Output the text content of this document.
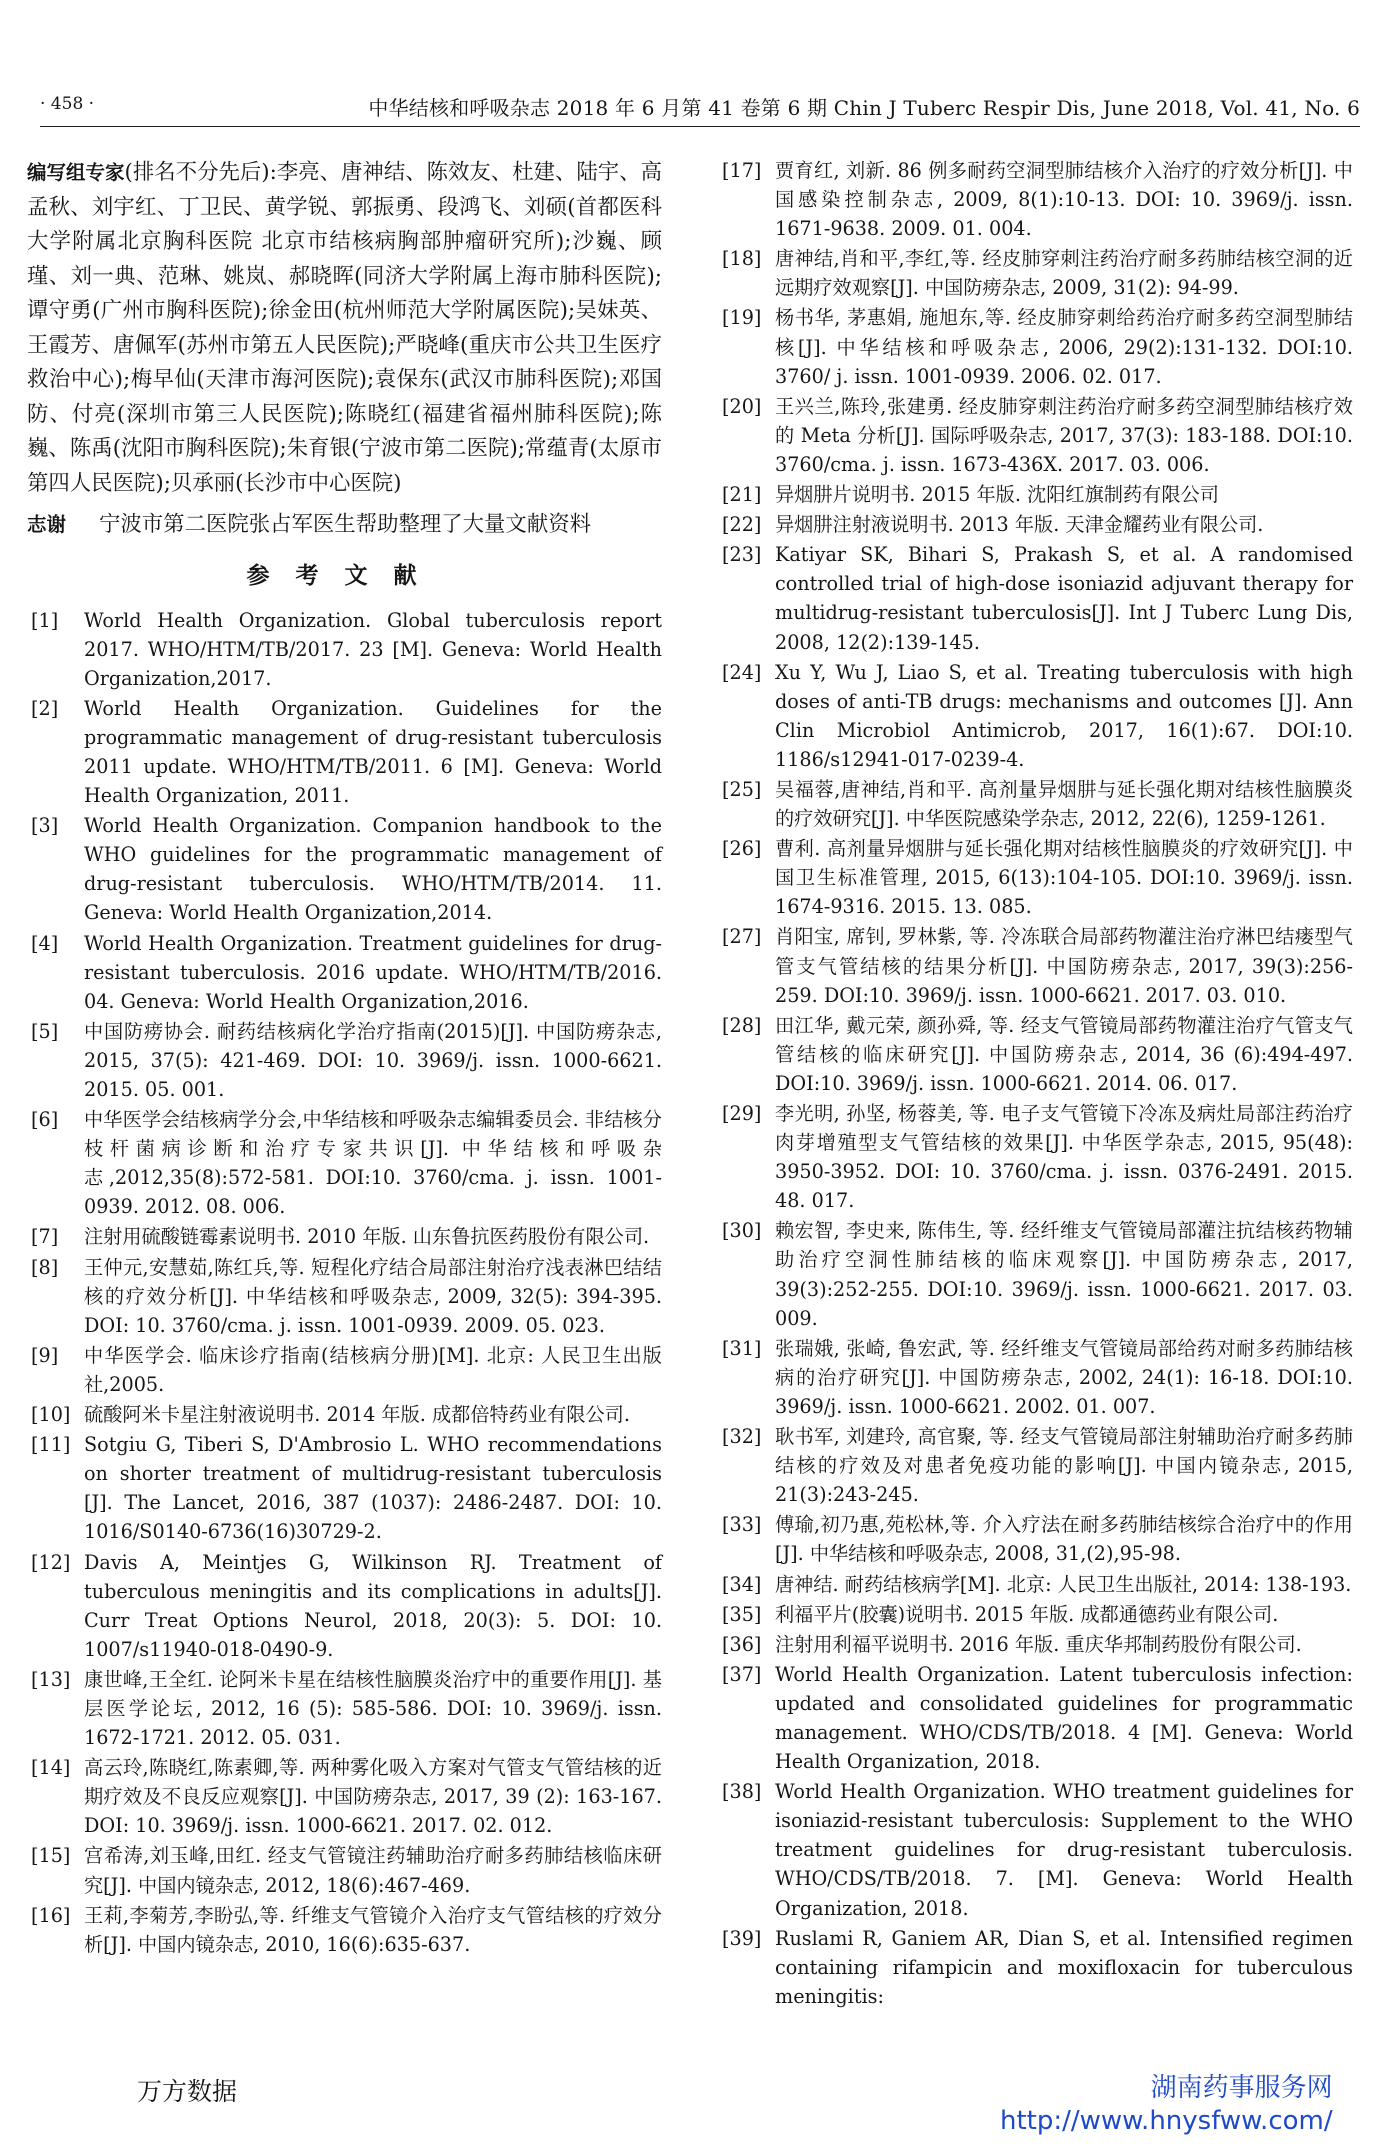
· 458 ·	中华结核和呼吸杂志 2018 年 6 月第 41 卷第 6 期 Chin J Tuberc Respir Dis, June 2018, Vol. 41, No. 6

编写组专家(排名不分先后):李亮、唐神结、陈效友、杜建、陆宇、高孟秋、刘宇红、丁卫民、黄学锐、郭振勇、段鸿飞、刘硕(首都医科大学附属北京胸科医院 北京市结核病胸部肿瘤研究所);沙巍、顾瑾、刘一典、范琳、姚岚、郝晓晖(同济大学附属上海市肺科医院);谭守勇(广州市胸科医院);徐金田(杭州师范大学附属医院);吴妹英、王霞芳、唐佩军(苏州市第五人民医院);严晓峰(重庆市公共卫生医疗救治中心);梅早仙(天津市海河医院);袁保东(武汉市肺科医院);邓国防、付亮(深圳市第三人民医院);陈晓红(福建省福州肺科医院);陈巍、陈禹(沈阳市胸科医院);朱育银(宁波市第二医院);常蕴青(太原市第四人民医院);贝承丽(长沙市中心医院)

志谢 宁波市第二医院张占军医生帮助整理了大量文献资料

参考文献
[1]	World Health Organization. Global tuberculosis report 2017. WHO/HTM/TB/2017. 23 [M]. Geneva: World Health Organization,2017.
[2]	World Health Organization. Guidelines for the programmatic management of drug-resistant tuberculosis 2011 update. WHO/HTM/TB/2011. 6 [M]. Geneva: World Health Organization, 2011.
[3]	World Health Organization. Companion handbook to the WHO guidelines for the programmatic management of drug-resistant tuberculosis. WHO/HTM/TB/2014. 11. Geneva: World Health Organization,2014.
[4]	World Health Organization. Treatment guidelines for drug-resistant tuberculosis. 2016 update. WHO/HTM/TB/2016. 04. Geneva: World Health Organization,2016.
[5]	中国防痨协会. 耐药结核病化学治疗指南(2015)[J]. 中国防痨杂志, 2015, 37(5): 421-469. DOI: 10. 3969/j. issn. 1000-6621. 2015. 05. 001.
[6]	中华医学会结核病学分会,中华结核和呼吸杂志编辑委员会. 非结核分枝杆菌病诊断和治疗专家共识[J]. 中华结核和呼吸杂志,2012,35(8):572-581. DOI:10. 3760/cma. j. issn. 1001-0939. 2012. 08. 006.
[7]	注射用硫酸链霉素说明书. 2010 年版. 山东鲁抗医药股份有限公司.
[8]	王仲元,安慧茹,陈红兵,等. 短程化疗结合局部注射治疗浅表淋巴结结核的疗效分析[J]. 中华结核和呼吸杂志, 2009, 32(5): 394-395. DOI: 10. 3760/cma. j. issn. 1001-0939. 2009. 05. 023.
[9]	中华医学会. 临床诊疗指南(结核病分册)[M]. 北京: 人民卫生出版社,2005.
[10] 硫酸阿米卡星注射液说明书. 2014 年版. 成都倍特药业有限公司.
[11] Sotgiu G, Tiberi S, D'Ambrosio L. WHO recommendations on shorter treatment of multidrug-resistant tuberculosis [J]. The Lancet, 2016, 387 (1037): 2486-2487. DOI: 10. 1016/S0140-6736(16)30729-2.
[12] Davis A, Meintjes G, Wilkinson RJ. Treatment of tuberculous meningitis and its complications in adults[J]. Curr Treat Options Neurol, 2018, 20(3): 5. DOI: 10. 1007/s11940-018-0490-9.
[13] 康世峰,王全红. 论阿米卡星在结核性脑膜炎治疗中的重要作用[J]. 基层医学论坛, 2012, 16 (5): 585-586. DOI: 10. 3969/j. issn. 1672-1721. 2012. 05. 031.
[14] 高云玲,陈晓红,陈素卿,等. 两种雾化吸入方案对气管支气管结核的近期疗效及不良反应观察[J]. 中国防痨杂志, 2017, 39 (2): 163-167. DOI: 10. 3969/j. issn. 1000-6621. 2017. 02. 012.
[15] 宫希涛,刘玉峰,田红. 经支气管镜注药辅助治疗耐多药肺结核临床研究[J]. 中国内镜杂志, 2012, 18(6):467-469.
[16] 王莉,李菊芳,李盼弘,等. 纤维支气管镜介入治疗支气管结核的疗效分析[J]. 中国内镜杂志, 2010, 16(6):635-637.
[17] 贾育红, 刘新. 86 例多耐药空洞型肺结核介入治疗的疗效分析[J]. 中国感染控制杂志, 2009, 8(1):10-13. DOI: 10. 3969/j. issn. 1671-9638. 2009. 01. 004.
[18] 唐神结,肖和平,李红,等. 经皮肺穿刺注药治疗耐多药肺结核空洞的近远期疗效观察[J]. 中国防痨杂志, 2009, 31(2): 94-99.
[19] 杨书华, 茅惠娟, 施旭东,等. 经皮肺穿刺给药治疗耐多药空洞型肺结核[J]. 中华结核和呼吸杂志, 2006, 29(2):131-132. DOI:10. 3760/ j. issn. 1001-0939. 2006. 02. 017.
[20] 王兴兰,陈玲,张建勇. 经皮肺穿刺注药治疗耐多药空洞型肺结核疗效的 Meta 分析[J]. 国际呼吸杂志, 2017, 37(3): 183-188. DOI:10. 3760/cma. j. issn. 1673-436X. 2017. 03. 006.
[21] 异烟肼片说明书. 2015 年版. 沈阳红旗制药有限公司
[22] 异烟肼注射液说明书. 2013 年版. 天津金耀药业有限公司.
[23] Katiyar SK, Bihari S, Prakash S, et al. A randomised controlled trial of high-dose isoniazid adjuvant therapy for multidrug-resistant tuberculosis[J]. Int J Tuberc Lung Dis, 2008, 12(2):139-145.
[24] Xu Y, Wu J, Liao S, et al. Treating tuberculosis with high doses of anti-TB drugs: mechanisms and outcomes [J]. Ann Clin Microbiol Antimicrob, 2017, 16(1):67. DOI:10. 1186/s12941-017-0239-4.
[25] 吴福蓉,唐神结,肖和平. 高剂量异烟肼与延长强化期对结核性脑膜炎的疗效研究[J]. 中华医院感染学杂志, 2012, 22(6), 1259-1261.
[26] 曹利. 高剂量异烟肼与延长强化期对结核性脑膜炎的疗效研究[J]. 中国卫生标准管理, 2015, 6(13):104-105. DOI:10. 3969/j. issn. 1674-9316. 2015. 13. 085.
[27] 肖阳宝, 席钊, 罗林紫, 等. 冷冻联合局部药物灌注治疗淋巴结瘘型气管支气管结核的结果分析[J]. 中国防痨杂志, 2017, 39(3):256-259. DOI:10. 3969/j. issn. 1000-6621. 2017. 03. 010.
[28] 田江华, 戴元荣, 颜孙舜, 等. 经支气管镜局部药物灌注治疗气管支气管结核的临床研究[J]. 中国防痨杂志, 2014, 36 (6):494-497. DOI:10. 3969/j. issn. 1000-6621. 2014. 06. 017.
[29] 李光明, 孙坚, 杨蓉美, 等. 电子支气管镜下冷冻及病灶局部注药治疗肉芽增殖型支气管结核的效果[J]. 中华医学杂志, 2015, 95(48): 3950-3952. DOI: 10. 3760/cma. j. issn. 0376-2491. 2015. 48. 017.
[30] 赖宏智, 李史来, 陈伟生, 等. 经纤维支气管镜局部灌注抗结核药物辅助治疗空洞性肺结核的临床观察[J]. 中国防痨杂志, 2017, 39(3):252-255. DOI:10. 3969/j. issn. 1000-6621. 2017. 03. 009.
[31] 张瑞娥, 张崎, 鲁宏武, 等. 经纤维支气管镜局部给药对耐多药肺结核病的治疗研究[J]. 中国防痨杂志, 2002, 24(1): 16-18. DOI:10. 3969/j. issn. 1000-6621. 2002. 01. 007.
[32] 耿书军, 刘建玲, 高官聚, 等. 经支气管镜局部注射辅助治疗耐多药肺结核的疗效及对患者免疫功能的影响[J]. 中国内镜杂志, 2015, 21(3):243-245.
[33] 傅瑜,初乃惠,苑松林,等. 介入疗法在耐多药肺结核综合治疗中的作用[J]. 中华结核和呼吸杂志, 2008, 31,(2),95-98.
[34] 唐神结. 耐药结核病学[M]. 北京: 人民卫生出版社, 2014: 138-193.
[35] 利福平片(胶囊)说明书. 2015 年版. 成都通德药业有限公司.
[36] 注射用利福平说明书. 2016 年版. 重庆华邦制药股份有限公司.
[37] World Health Organization. Latent tuberculosis infection: updated and consolidated guidelines for programmatic management. WHO/CDS/TB/2018. 4 [M]. Geneva: World Health Organization, 2018.
[38] World Health Organization. WHO treatment guidelines for isoniazid-resistant tuberculosis: Supplement to the WHO treatment guidelines for drug-resistant tuberculosis. WHO/CDS/TB/2018. 7. [M]. Geneva: World Health Organization, 2018.
[39] Ruslami R, Ganiem AR, Dian S, et al. Intensified regimen containing rifampicin and moxifloxacin for tuberculous meningitis:
万方数据	湖南药事服务网
http://www.hnysfww.com/
